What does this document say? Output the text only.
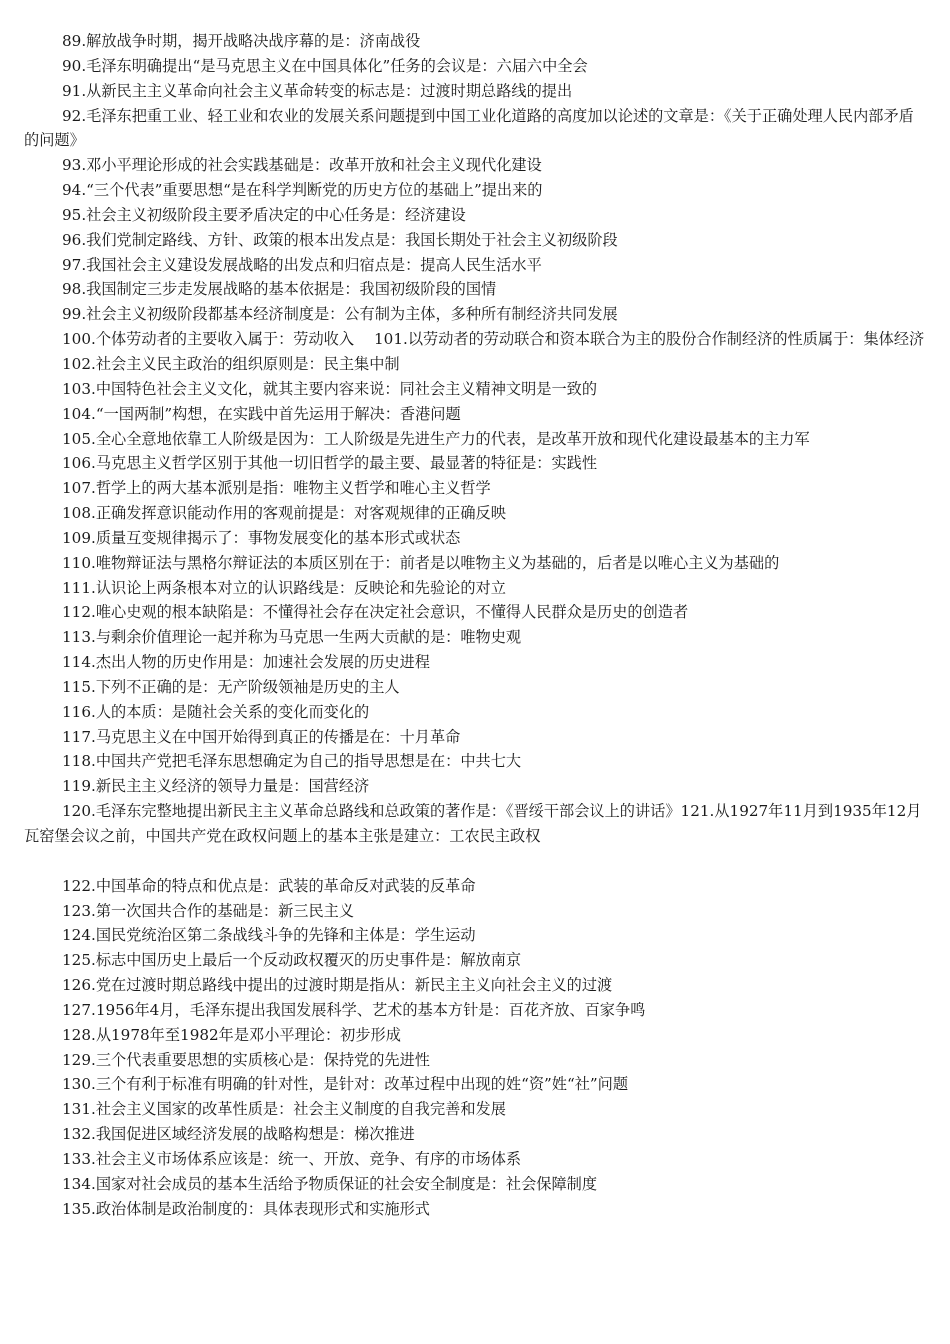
89.解放战争时期，揭开战略决战序幕的是：济南战役

90.毛泽东明确提出“是马克思主义在中国具体化”任务的会议是：六届六中全会

91.从新民主主义革命向社会主义革命转变的标志是：过渡时期总路线的提出

92.毛泽东把重工业、轻工业和农业的发展关系问题提到中国工业化道路的高度加以论述的文章是：《关于正确处理人民内部矛盾的问题》

93.邓小平理论形成的社会实践基础是：改革开放和社会主义现代化建设

94.“三个代表”重要思想“是在科学判断党的历史方位的基础上”提出来的

95.社会主义初级阶段主要矛盾决定的中心任务是：经济建设

96.我们党制定路线、方针、政策的根本出发点是：我国长期处于社会主义初级阶段

97.我国社会主义建设发展战略的出发点和归宿点是：提高人民生活水平

98.我国制定三步走发展战略的基本依据是：我国初级阶段的国情

99.社会主义初级阶段都基本经济制度是：公有制为主体，多种所有制经济共同发展

100.个体劳动者的主要收入属于：劳动收入　 101.以劳动者的劳动联合和资本联合为主的股份合作制经济的性质属于：集体经济

102.社会主义民主政治的组织原则是：民主集中制

103.中国特色社会主义文化，就其主要内容来说：同社会主义精神文明是一致的

104.“一国两制”构想，在实践中首先运用于解决：香港问题

105.全心全意地依靠工人阶级是因为：工人阶级是先进生产力的代表，是改革开放和现代化建设最基本的主力军

106.马克思主义哲学区别于其他一切旧哲学的最主要、最显著的特征是：实践性

107.哲学上的两大基本派别是指：唯物主义哲学和唯心主义哲学

108.正确发挥意识能动作用的客观前提是：对客观规律的正确反映

109.质量互变规律揭示了：事物发展变化的基本形式或状态

110.唯物辩证法与黑格尔辩证法的本质区别在于：前者是以唯物主义为基础的，后者是以唯心主义为基础的

111.认识论上两条根本对立的认识路线是：反映论和先验论的对立

112.唯心史观的根本缺陷是：不懂得社会存在决定社会意识，不懂得人民群众是历史的创造者

113.与剩余价值理论一起并称为马克思一生两大贡献的是：唯物史观

114.杰出人物的历史作用是：加速社会发展的历史进程

115.下列不正确的是：无产阶级领袖是历史的主人

116.人的本质：是随社会关系的变化而变化的

117.马克思主义在中国开始得到真正的传播是在：十月革命

118.中国共产党把毛泽东思想确定为自己的指导思想是在：中共七大

119.新民主主义经济的领导力量是：国营经济

120.毛泽东完整地提出新民主主义革命总路线和总政策的著作是：《晋绥干部会议上的讲话》121.从1927年11月到1935年12月瓦窑堡会议之前，中国共产党在政权问题上的基本主张是建立：工农民主政权

122.中国革命的特点和优点是：武装的革命反对武装的反革命

123.第一次国共合作的基础是：新三民主义

124.国民党统治区第二条战线斗争的先锋和主体是：学生运动

125.标志中国历史上最后一个反动政权覆灭的历史事件是：解放南京

126.党在过渡时期总路线中提出的过渡时期是指从：新民主主义向社会主义的过渡

127.1956年4月，毛泽东提出我国发展科学、艺术的基本方针是：百花齐放、百家争鸣

128.从1978年至1982年是邓小平理论：初步形成

129.三个代表重要思想的实质核心是：保持党的先进性

130.三个有利于标准有明确的针对性，是针对：改革过程中出现的姓“资”姓“社”问题

131.社会主义国家的改革性质是：社会主义制度的自我完善和发展

132.我国促进区域经济发展的战略构想是：梯次推进

133.社会主义市场体系应该是：统一、开放、竞争、有序的市场体系

134.国家对社会成员的基本生活给予物质保证的社会安全制度是：社会保障制度

135.政治体制是政治制度的：具体表现形式和实施形式
